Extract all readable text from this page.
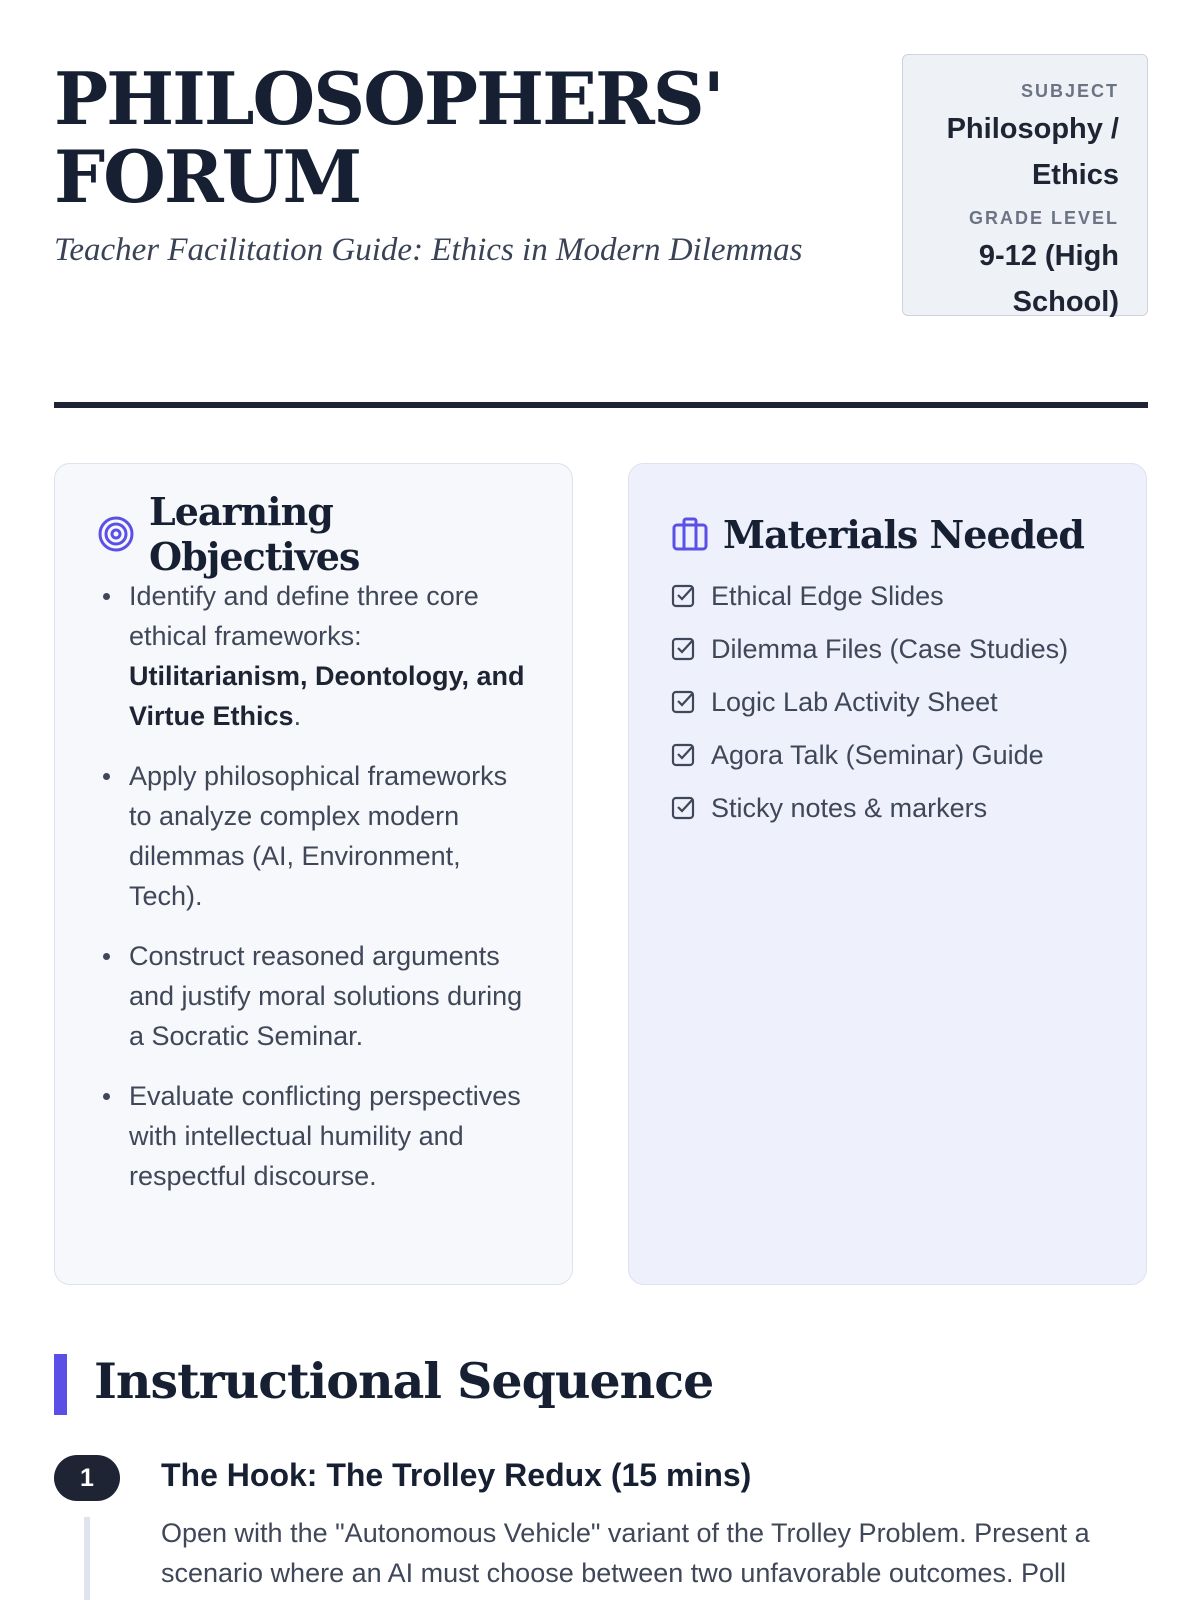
PHILOSOPHERS'
FORUM

Teacher Facilitation Guide: Ethics in Modern Dilemmas

SUBJECT

Philosophy / Ethics

GRADE LEVEL

9-12 (High School)

Learning Objectives
Identify and define three core ethical frameworks: Utilitarianism, Deontology, and Virtue Ethics.
Apply philosophical frameworks to analyze complex modern dilemmas (AI, Environment, Tech).
Construct reasoned arguments and justify moral solutions during a Socratic Seminar.
Evaluate conflicting perspectives with intellectual humility and respectful discourse.
Materials Needed
Ethical Edge Slides
Dilemma Files (Case Studies)
Logic Lab Activity Sheet
Agora Talk (Seminar) Guide
Sticky notes & markers
Instructional Sequence
1	The Hook: The Trolley Redux (15 mins)

Open with the "Autonomous Vehicle" variant of the Trolley Problem. Present a scenario where an AI must choose between two unfavorable outcomes. Poll
